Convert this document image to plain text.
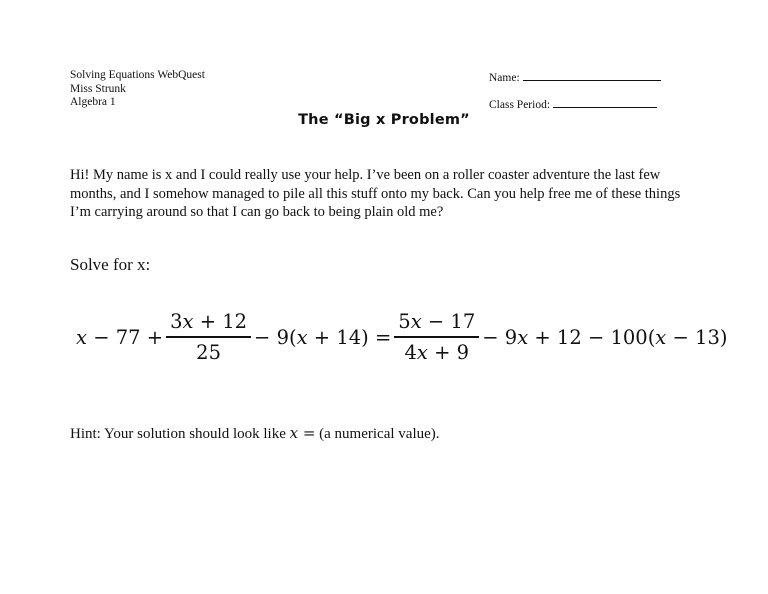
Solving Equations WebQuest
Miss Strunk
Algebra 1
Name:
Class Period:
The “Big x Problem”
Hi! My name is x and I could really use your help. I’ve been on a roller coaster adventure the last few months, and I somehow managed to pile all this stuff onto my back. Can you help free me of these things I’m carrying around so that I can go back to being plain old me?
Solve for x:
𝑥 − $77 + \frac{\text{3𝑥 + 12}}{25}$ − 9(𝑥 + $14) = \frac{\text{5𝑥 − 17}}{\text{4𝑥 + 9}}$ − 9𝑥 + 12 − 100(𝑥 − 13)
Hint: Your solution should look like x = (a numerical value).
